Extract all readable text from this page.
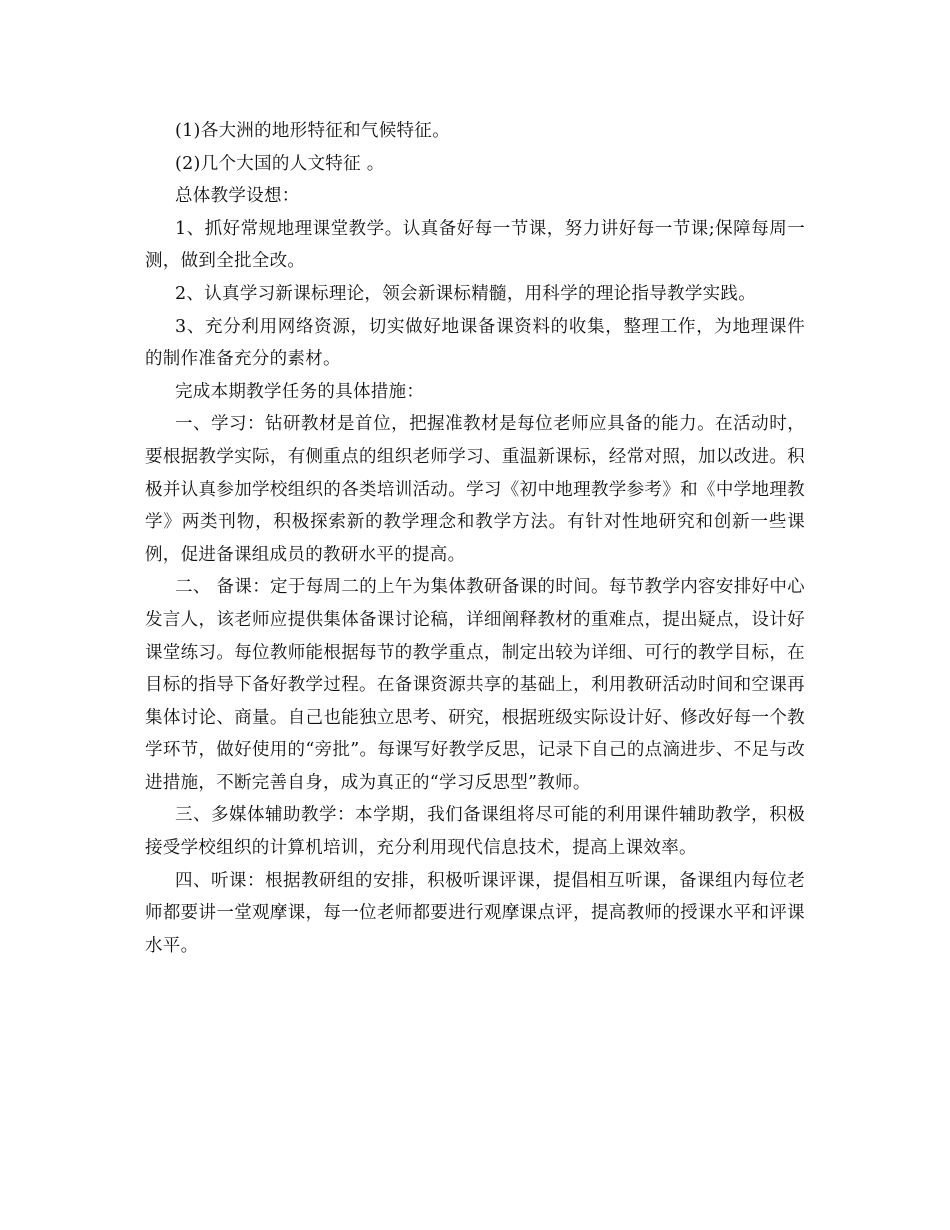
(1)各大洲的地形特征和气候特征。

(2)几个大国的人文特征 。

总体教学设想：

1、抓好常规地理课堂教学。认真备好每一节课，努力讲好每一节课;保障每周一测，做到全批全改。

2、认真学习新课标理论，领会新课标精髓，用科学的理论指导教学实践。

3、充分利用网络资源，切实做好地课备课资料的收集，整理工作，为地理课件的制作准备充分的素材。

完成本期教学任务的具体措施：

一、学习：钻研教材是首位，把握准教材是每位老师应具备的能力。在活动时，要根据教学实际，有侧重点的组织老师学习、重温新课标，经常对照，加以改进。积极并认真参加学校组织的各类培训活动。学习《初中地理教学参考》和《中学地理教学》两类刊物，积极探索新的教学理念和教学方法。有针对性地研究和创新一些课例，促进备课组成员的教研水平的提高。

二、 备课：定于每周二的上午为集体教研备课的时间。每节教学内容安排好中心发言人，该老师应提供集体备课讨论稿，详细阐释教材的重难点，提出疑点，设计好课堂练习。每位教师能根据每节的教学重点，制定出较为详细、可行的教学目标，在目标的指导下备好教学过程。在备课资源共享的基础上，利用教研活动时间和空课再集体讨论、商量。自己也能独立思考、研究，根据班级实际设计好、修改好每一个教学环节，做好使用的“旁批”。每课写好教学反思，记录下自己的点滴进步、不足与改进措施，不断完善自身，成为真正的“学习反思型”教师。

三、多媒体辅助教学：本学期，我们备课组将尽可能的利用课件辅助教学，积极接受学校组织的计算机培训，充分利用现代信息技术，提高上课效率。

四、听课：根据教研组的安排，积极听课评课，提倡相互听课，备课组内每位老师都要讲一堂观摩课，每一位老师都要进行观摩课点评，提高教师的授课水平和评课水平。
